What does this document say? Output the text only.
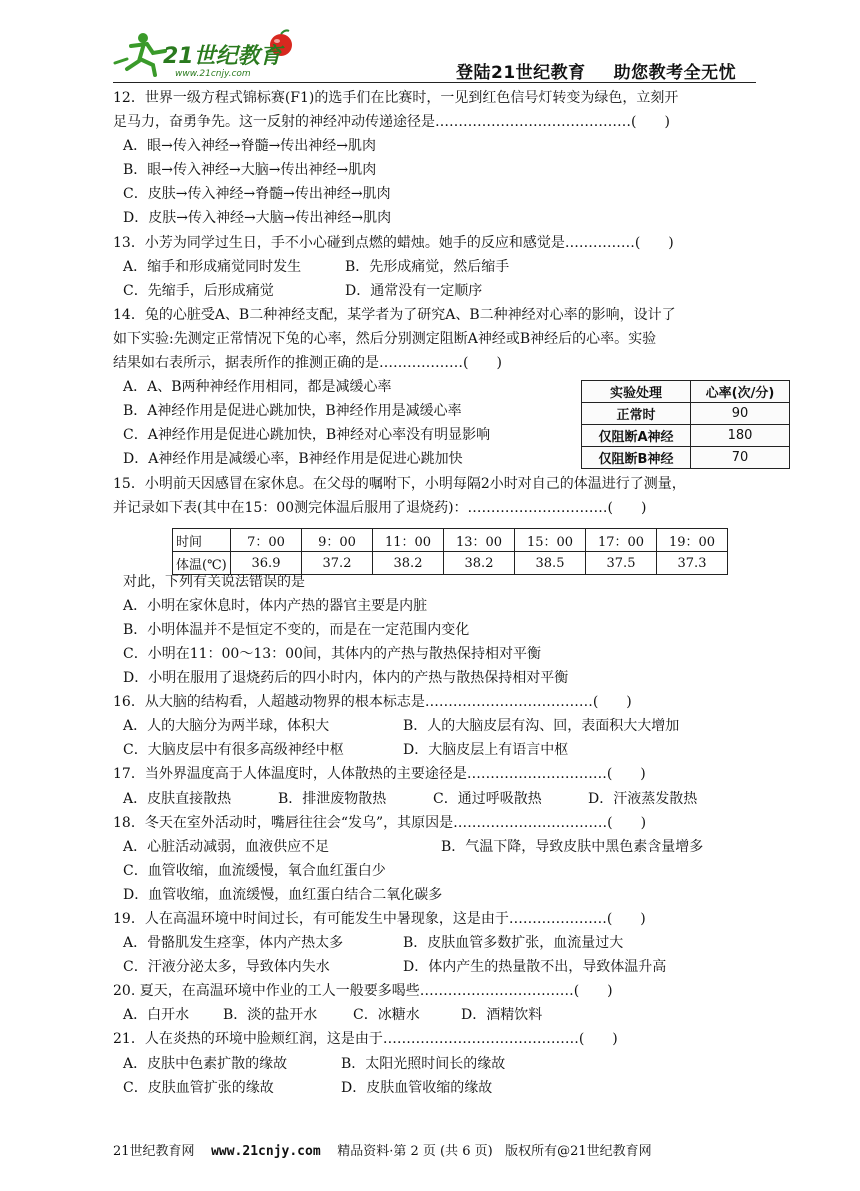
21世纪教育
www.21cnjy.com	登陆21世纪教育 助您教考全无忧
12．世界一级方程式锦标赛(F1)的选手们在比赛时，一见到红色信号灯转变为绿色，立刻开
足马力，奋勇争先。这一反射的神经冲动传递途径是……………………………………(　　)
A．眼→传入神经→脊髓→传出神经→肌肉
B．眼→传入神经→大脑→传出神经→肌肉
C．皮肤→传入神经→脊髓→传出神经→肌肉
D．皮肤→传入神经→大脑→传出神经→肌肉
13．小芳为同学过生日，手不小心碰到点燃的蜡烛。她手的反应和感觉是……………(　　)
A．缩手和形成痛觉同时发生	B．先形成痛觉，然后缩手
C．先缩手，后形成痛觉	D．通常没有一定顺序
14．兔的心脏受A、B二种神经支配，某学者为了研究A、B二种神经对心率的影响，设计了
如下实验:先测定正常情况下兔的心率，然后分别测定阻断A神经或B神经后的心率。实验
结果如右表所示，据表所作的推测正确的是………………(　　)
A．A、B两种神经作用相同，都是减缓心率
B．A神经作用是促进心跳加快，B神经作用是减缓心率
C．A神经作用是促进心跳加快，B神经对心率没有明显影响
D．A神经作用是减缓心率，B神经作用是促进心跳加快
15．小明前天因感冒在家休息。在父母的嘱咐下，小明每隔2小时对自己的体温进行了测量，
并记录如下表(其中在15：00测完体温后服用了退烧药)：…………………………(　　)
对此，下列有关说法错误的是
A．小明在家休息时，体内产热的器官主要是内脏
B．小明体温并不是恒定不变的，而是在一定范围内变化
C．小明在11：00～13：00间，其体内的产热与散热保持相对平衡
D．小明在服用了退烧药后的四小时内，体内的产热与散热保持相对平衡
16．从大脑的结构看，人超越动物界的根本标志是………………………………(　　)
A．人的大脑分为两半球，体积大	B．人的大脑皮层有沟、回，表面积大大增加
C．大脑皮层中有很多高级神经中枢	D．大脑皮层上有语言中枢
17．当外界温度高于人体温度时，人体散热的主要途径是…………………………(　　)
A．皮肤直接散热	B．排泄废物散热	C．通过呼吸散热	D．汗液蒸发散热
18．冬天在室外活动时，嘴唇往往会“发乌”，其原因是……………………………(　　)
A．心脏活动减弱，血液供应不足	B．气温下降，导致皮肤中黑色素含量增多
C．血管收缩，血流缓慢，氧合血红蛋白少
D．血管收缩，血流缓慢，血红蛋白结合二氧化碳多
19．人在高温环境中时间过长，有可能发生中暑现象，这是由于…………………(　　)
A．骨骼肌发生痉挛，体内产热太多	B．皮肤血管多数扩张，血流量过大
C．汗液分泌太多，导致体内失水	D．体内产生的热量散不出，导致体温升高
20. 夏天，在高温环境中作业的工人一般要多喝些……………………………(　　)
A．白开水 B．淡的盐开水	C．冰糖水	D．酒精饮料
21．人在炎热的环境中脸颊红润，这是由于……………………………………(　　)
A．皮肤中色素扩散的缘故	B．太阳光照时间长的缘故
C．皮肤血管扩张的缘故	D．皮肤血管收缩的缘故
实验处理	心率(次/分)
正常时	90
仅阻断A神经	180
仅阻断B神经	70
时间	7：00	9：00	11：00	13：00	15：00	17：00	19：00
体温(℃)	36.9	37.2	38.2	38.2	38.5	37.5	37.3
21世纪教育网 www.21cnjy.com 精品资料·第 2 页 (共 6 页) 版权所有@21世纪教育网
